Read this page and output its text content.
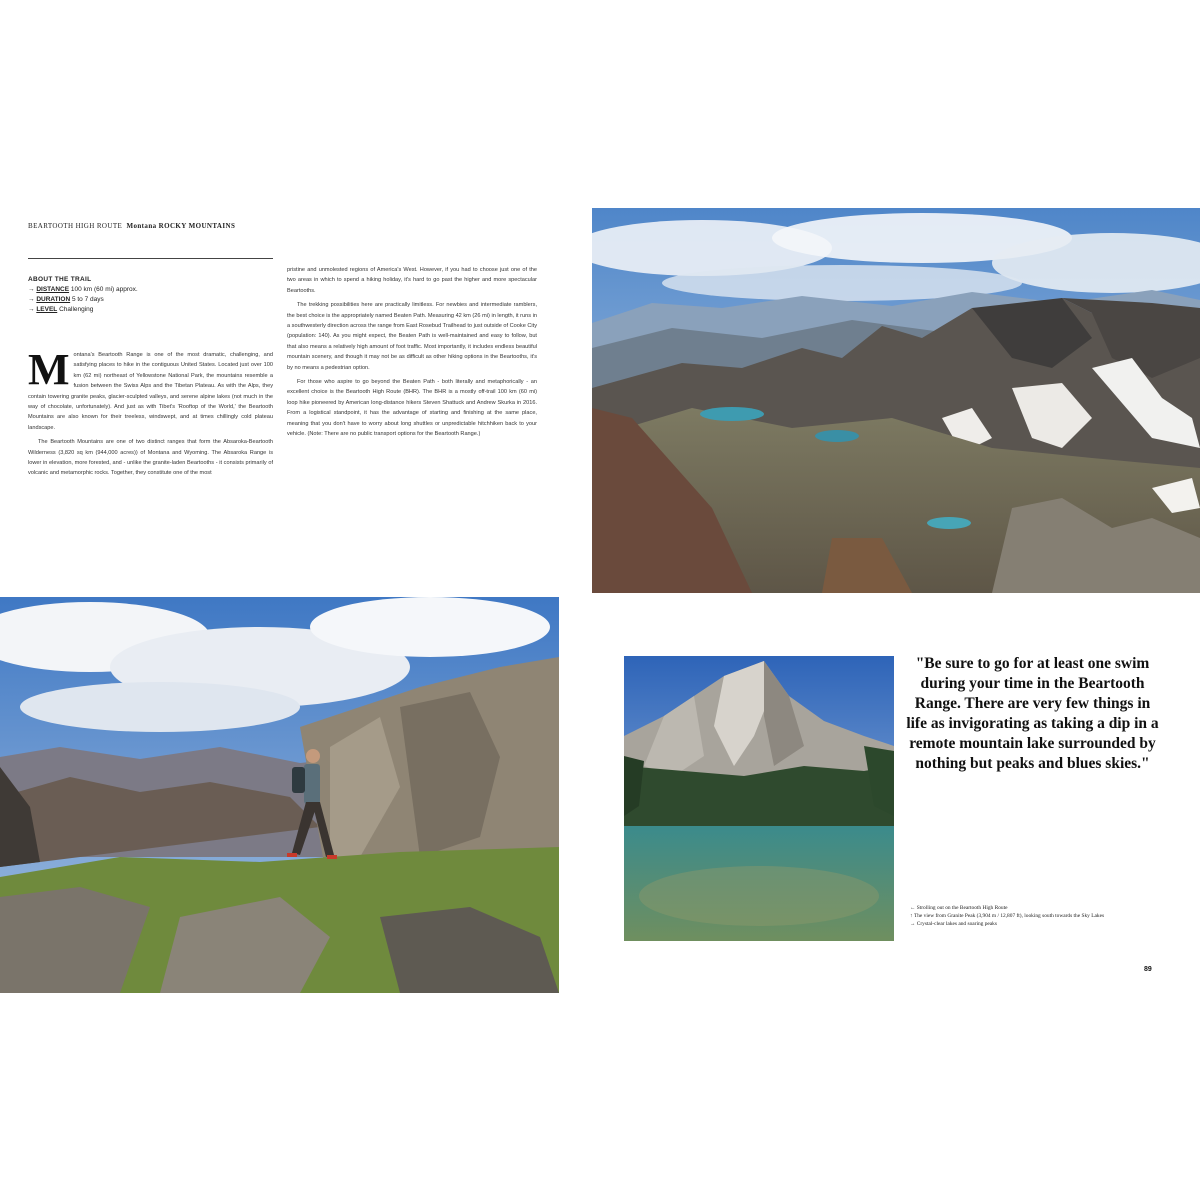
BEARTOOTH HIGH ROUTE Montana ROCKY MOUNTAINS
ABOUT THE TRAIL
→ DISTANCE 100 km (60 mi) approx.
→ DURATION 5 to 7 days
→ LEVEL Challenging

Montana's Beartooth Range is one of the most dramatic, challenging, and satisfying places to hike in the contiguous United States. Located just over 100 km (62 mi) northeast of Yellowstone National Park, the mountains resemble a fusion between the Swiss Alps and the Tibetan Plateau. As with the Alps, they contain towering granite peaks, glacier-sculpted valleys, and serene alpine lakes (not much in the way of chocolate, unfortunately). And just as with Tibet's 'Rooftop of the World,' the Beartooth Mountains are also known for their treeless, windswept, and at times chillingly cold plateau landscape.

The Beartooth Mountains are one of two distinct ranges that form the Absaroka-Beartooth Wilderness (3,820 sq km (944,000 acres)) of Montana and Wyoming. The Absaroka Range is lower in elevation, more forested, and - unlike the granite-laden Beartooths - it consists primarily of volcanic and metamorphic rocks. Together, they constitute one of the most

pristine and unmolested regions of America's West. However, if you had to choose just one of the two areas in which to spend a hiking holiday, it's hard to go past the higher and more spectacular Beartooths.

The trekking possibilities here are practically limitless. For newbies and intermediate ramblers, the best choice is the appropriately named Beaten Path. Measuring 42 km (26 mi) in length, it runs in a southwesterly direction across the range from East Rosebud Trailhead to just outside of Cooke City (population: 140). As you might expect, the Beaten Path is well-maintained and easy to follow, but that also means a relatively high amount of foot traffic. Most importantly, it includes endless beautiful mountain scenery, and though it may not be as difficult as other hiking options in the Beartooths, it's by no means a pedestrian option.

For those who aspire to go beyond the Beaten Path - both literally and metaphorically - an excellent choice is the Beartooth High Route (BHR). The BHR is a mostly off-trail 100 km (60 mi) loop hike pioneered by American long-distance hikers Steven Shattuck and Andrew Skurka in 2016. From a logistical standpoint, it has the advantage of starting and finishing at the same place, meaning that you don't have to worry about long shuttles or unpredictable hitchhiken back to your vehicle. (Note: There are no public transport options for the Beartooth Range.)

"Be sure to go for at least one swim during your time in the Beartooth Range. There are very few things in life as invigorating as taking a dip in a remote mountain lake surrounded by nothing but peaks and blues skies."
← Strolling out on the Beartooth High Route
↑ The view from Granite Peak (3,904 m / 12,807 ft), looking south towards the Sky Lakes
→ Crystal-clear lakes and soaring peaks
89
